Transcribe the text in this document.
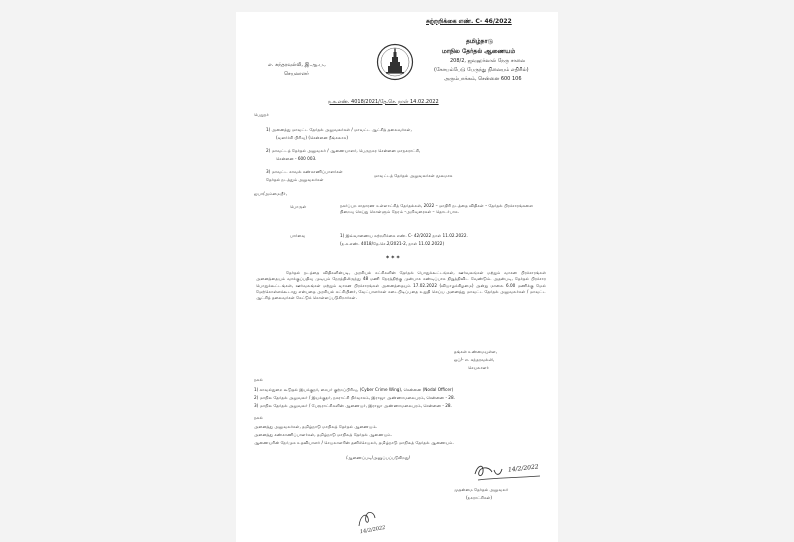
சுற்றறிக்கை எண். C- 46/2022
தமிழ்நாடு
மாநில தேர்தல் ஆணையம்
208/2, ஜவஹர்லால் நேரு சாலை
(கோயம்பேடு பேருந்து நிலையம் எதிரில்)
அரும்பாக்கம், சென்னை 600 106
எ. சுந்தரவல்லி, இ.ஆ.ப.,
செயலாளர்
ந.க.எண். 4018/2021/தே.செ. நாள் 14.02.2022
பெறுநர்
1) அனைத்து மாவட்ட தேர்தல் அலுவலர்கள் / மாவட்ட ஆட்சித் தலைவர்கள்,
(வளர்ச்சி பிரிவு) (சென்னை நீங்கலாக)
2) மாவட்டத் தேர்தல் அலுவலர் / ஆணையாளர், பெருநகர சென்னை மாநகராட்சி,
சென்னை - 600 003.
3) மாவட்ட காவல் கண்காணிப்பாளர்கள்
தேர்தல் நடத்தும் அலுவலர்கள்
மாவட்டத் தேர்தல் அலுவலர்கள் மூலமாக
ஐயா/அம்மையீர்,
பொருள்	நகர்ப்புற சாதாரண உள்ளாட்சித் தேர்தல்கள், 2022 – மாதிரி நடத்தை விதிகள் – தேர்தல் பிரச்சாரங்களை நிறைவு செய்து கொள்ளும் நேரம் –அறிவுரைகள் – தொடர்பாக.
பார்வை	1) இவ்வாணைய சுற்றறிக்கை எண். C- 42/2022 நாள் 11.02.2022.
(ந.க.எண். 4018/தே.செ.2/2021-2, நாள் 11.02.2022)
* * *
தேர்தல் நடத்தை விதிகளின்படி, அரசியல் கட்சிகளின் தேர்தல் பொதுக்கூட்டங்கள், ஊர்வலங்கள் மற்றும் வாகன பிரச்சாரங்கள் அனைத்தையும் வாக்குப்பதிவு முடியும் நேரத்திலிருந்து 48 மணி நேரத்திற்கு முன்பாக கண்டிப்பாக நிறுத்திவிட வேண்டும். அதன்படி, தேர்தல் பிரச்சார பொதுக்கூட்டங்கள், ஊர்வலங்கள் மற்றும் வாகன பிரச்சாரங்கள் அனைத்தையும் 17.02.2022 (வியாழக்கிழமை) அன்று மாலை 6.00 மணிக்கு மேல் மேற்கொள்ளக்கூடாது என்பதை அரசியல் கட்சியினர், வேட்பாளர்கள் கடைபிடிப்பதை உறுதி செய்ய அனைத்து மாவட்ட தேர்தல் அலுவலர்கள் / மாவட்ட ஆட்சித் தலைவர்கள் கேட்டுக் கொள்ளப்படுகிறார்கள்.
தங்கள் உண்மையுள்ள,
ஒப்/- எ. சுந்தரவல்லி,
செயலாளர்
நகல்
1) காவல்துறை கூடுதல் இயக்குநர், சைபர் குற்றப்பிரிவு, (Cyber Crime Wing), சென்னை (Nodal Officer)
2) மாநில தேர்தல் அலுவலர் / இயக்குநர், நகராட்சி நிர்வாகம், இராஜா அண்ணாமலைபுரம், சென்னை - 28.
3) மாநில தேர்தல் அலுவலர் / பேரூராட்சிகளின் ஆணையர், இராஜா அண்ணாமலைபுரம், சென்னை - 28.
நகல்
அனைத்து அலுவலர்கள், தமிழ்நாடு மாநிலத் தேர்தல் ஆணையம்.
அனைத்து கண்காணிப்பாளர்கள், தமிழ்நாடு மாநிலத் தேர்தல் ஆணையம்.
ஆணையரின் நேர்முக உதவியாளர் / செயலாளரின் தனிச்செயலர், தமிழ்நாடு மாநிலத் தேர்தல் ஆணையம்.
/ஆணைப்படி/அனுப்பப்படுகிறது/
14/2/2022
முதன்மை தேர்தல் அலுவலர்
(நகராட்சிகள்)
14/2/2022
